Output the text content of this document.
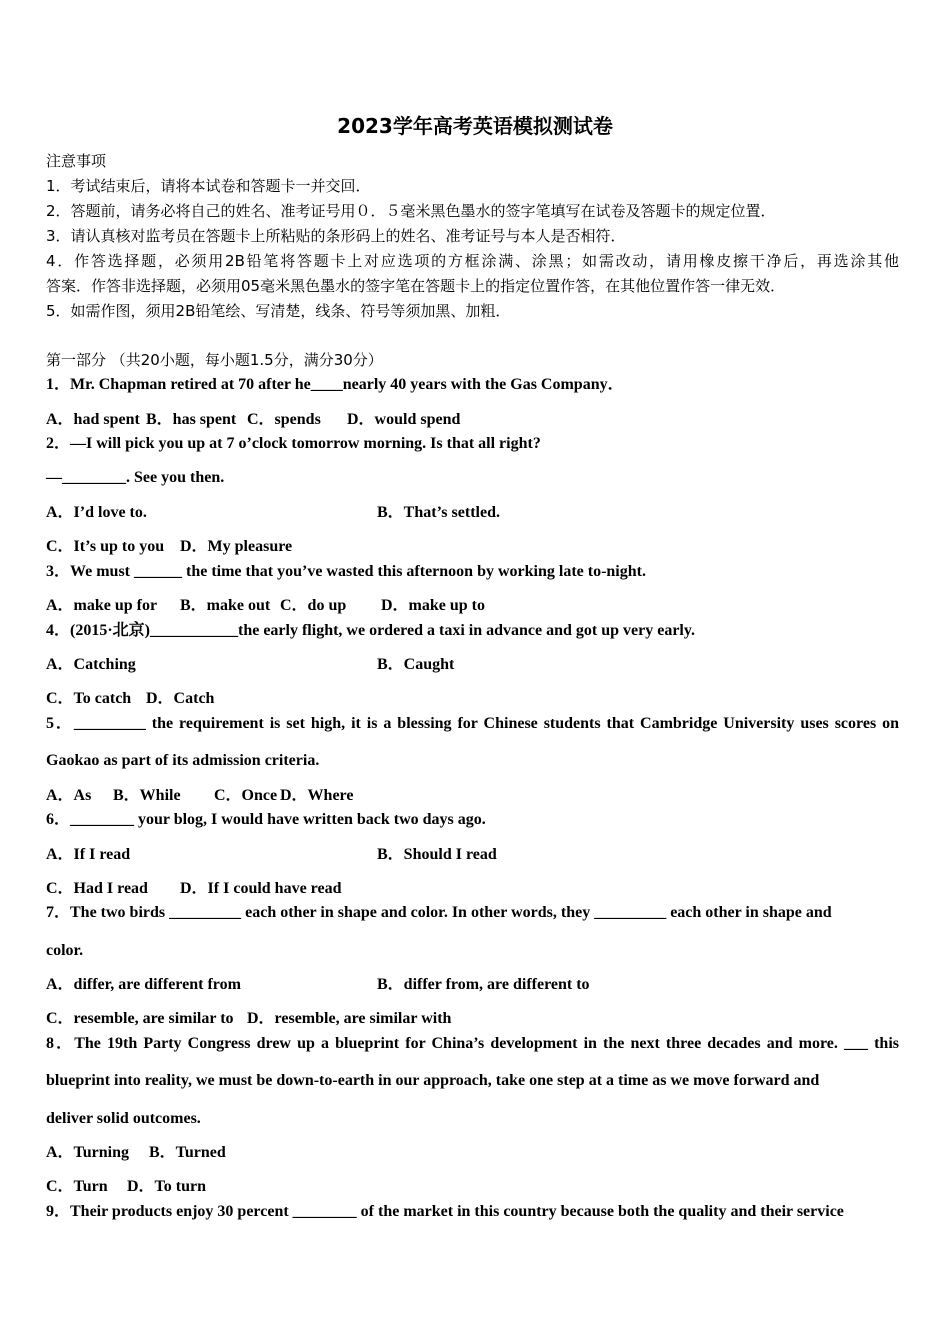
2023学年高考英语模拟测试卷
注意事项
1．考试结束后，请将本试卷和答题卡一并交回．
2．答题前，请务必将自己的姓名、准考证号用０．５毫米黑色墨水的签字笔填写在试卷及答题卡的规定位置．
3．请认真核对监考员在答题卡上所粘贴的条形码上的姓名、准考证号与本人是否相符．
4．作答选择题，必须用2B铅笔将答题卡上对应选项的方框涂满、涂黑；如需改动，请用橡皮擦干净后，再选涂其他
答案．作答非选择题，必须用05毫米黑色墨水的签字笔在答题卡上的指定位置作答，在其他位置作答一律无效．
5．如需作图，须用2B铅笔绘、写清楚，线条、符号等须加黑、加粗．
第一部分 （共20小题，每小题1.5分，满分30分）
1．Mr. Chapman retired at 70 after he____nearly 40 years with the Gas Company．
A．had spent B．has spent C．spends D．would spend
2．—I will pick you up at 7 o’clock tomorrow morning. Is that all right?
—________. See you then.
A．I’d love to.	B．That’s settled.
C．It’s up to you D．My pleasure
3．We must ______ the time that you’ve wasted this afternoon by working late to-night.
A．make up for B．make out C．do up D．make up to
4．(2015·北京)___________the early flight, we ordered a taxi in advance and got up very early.
A．Catching	B．Caught
C．To catch D．Catch
5．_________ the requirement is set high, it is a blessing for Chinese students that Cambridge University uses scores on
Gaokao as part of its admission criteria.
A．As B．While C．Once D．Where
6．________ your blog, I would have written back two days ago.
A．If I read	B．Should I read
C．Had I read D．If I could have read
7．The two birds _________ each other in shape and color. In other words, they _________ each other in shape and
color.
A．differ, are different from	B．differ from, are different to
C．resemble, are similar to D．resemble, are similar with
8．The 19th Party Congress drew up a blueprint for China’s development in the next three decades and more. ___ this
blueprint into reality, we must be down-to-earth in our approach, take one step at a time as we move forward and
deliver solid outcomes.
A．Turning B．Turned
C．Turn D．To turn
9．Their products enjoy 30 percent ________ of the market in this country because both the quality and their service
